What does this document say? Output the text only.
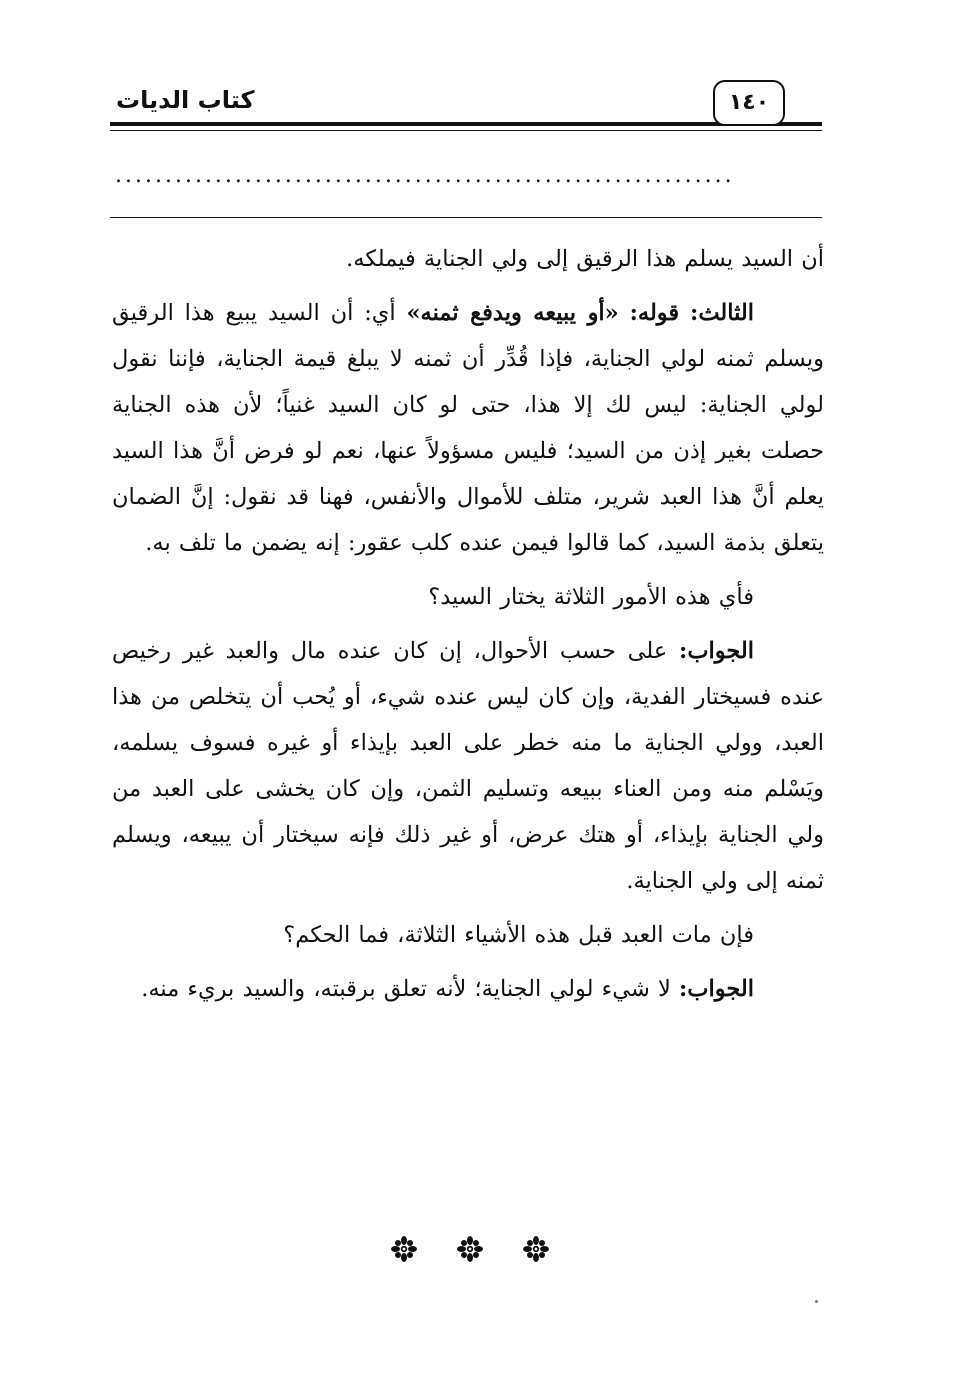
كتاب الديات	١٤٠
..............................................................

أن السيد يسلم هذا الرقيق إلى ولي الجناية فيملكه.

الثالث: قوله: «أو يبيعه ويدفع ثمنه» أي: أن السيد يبيع هذا الرقيق ويسلم ثمنه لولي الجناية، فإذا قُدِّر أن ثمنه لا يبلغ قيمة الجناية، فإننا نقول لولي الجناية: ليس لك إلا هذا، حتى لو كان السيد غنياً؛ لأن هذه الجناية حصلت بغير إذن من السيد؛ فليس مسؤولاً عنها، نعم لو فرض أنَّ هذا السيد يعلم أنَّ هذا العبد شرير، متلف للأموال والأنفس، فهنا قد نقول: إنَّ الضمان يتعلق بذمة السيد، كما قالوا فيمن عنده كلب عقور: إنه يضمن ما تلف به.

فأي هذه الأمور الثلاثة يختار السيد؟

الجواب: على حسب الأحوال، إن كان عنده مال والعبد غير رخيص عنده فسيختار الفدية، وإن كان ليس عنده شيء، أو يُحب أن يتخلص من هذا العبد، وولي الجناية ما منه خطر على العبد بإيذاء أو غيره فسوف يسلمه، ويَسْلم منه ومن العناء ببيعه وتسليم الثمن، وإن كان يخشى على العبد من ولي الجناية بإيذاء، أو هتك عرض، أو غير ذلك فإنه سيختار أن يبيعه، ويسلم ثمنه إلى ولي الجناية.

فإن مات العبد قبل هذه الأشياء الثلاثة، فما الحكم؟

الجواب: لا شيء لولي الجناية؛ لأنه تعلق برقبته، والسيد بريء منه.
